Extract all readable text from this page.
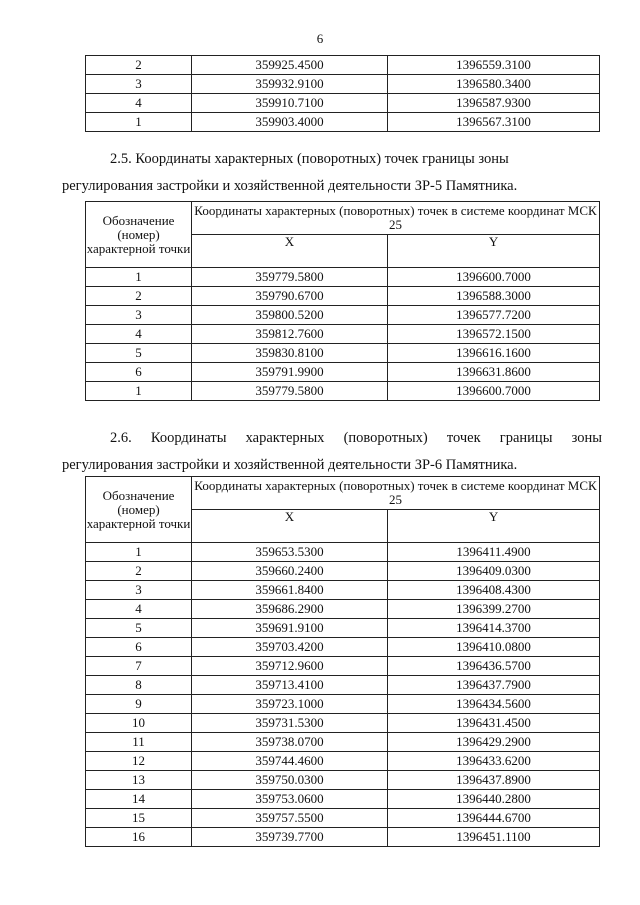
6
2	359925.4500	1396559.3100
3	359932.9100	1396580.3400
4	359910.7100	1396587.9300
1	359903.4000	1396567.3100
2.5. Координаты характерных (поворотных) точек границы зоны
регулирования застройки и хозяйственной деятельности ЗР-5 Памятника.
Обозначение (номер) характерной точки	Координаты характерных (поворотных) точек в системе координат МСК 25	
	X	Y
1	359779.5800	1396600.7000
2	359790.6700	1396588.3000
3	359800.5200	1396577.7200
4	359812.7600	1396572.1500
5	359830.8100	1396616.1600
6	359791.9900	1396631.8600
1	359779.5800	1396600.7000
2.6. Координаты характерных (поворотных) точек границы зоны
регулирования застройки и хозяйственной деятельности ЗР-6 Памятника.
Обозначение (номер) характерной точки	Координаты характерных (поворотных) точек в системе координат МСК 25	
	X	Y
1	359653.5300	1396411.4900
2	359660.2400	1396409.0300
3	359661.8400	1396408.4300
4	359686.2900	1396399.2700
5	359691.9100	1396414.3700
6	359703.4200	1396410.0800
7	359712.9600	1396436.5700
8	359713.4100	1396437.7900
9	359723.1000	1396434.5600
10	359731.5300	1396431.4500
11	359738.0700	1396429.2900
12	359744.4600	1396433.6200
13	359750.0300	1396437.8900
14	359753.0600	1396440.2800
15	359757.5500	1396444.6700
16	359739.7700	1396451.1100
